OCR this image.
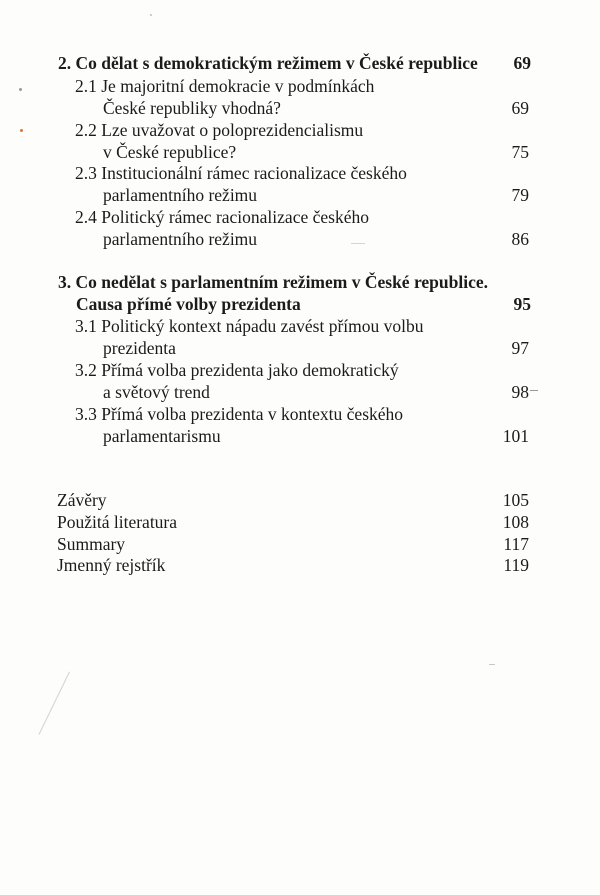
2. Co dělat s demokratickým režimem v České republice 69
2.1 Je majoritní demokracie v podmínkách
České republiky vhodná?	69
2.2 Lze uvažovat o poloprezidencialismu
v České republice?	75
2.3 Institucionální rámec racionalizace českého
parlamentního režimu	79
2.4 Politický rámec racionalizace českého
parlamentního režimu	86
3. Co nedělat s parlamentním režimem v České republice.
Causa přímé volby prezidenta	95
3.1 Politický kontext nápadu zavést přímou volbu
prezidenta	97
3.2 Přímá volba prezidenta jako demokratický
a světový trend	98
3.3 Přímá volba prezidenta v kontextu českého
parlamentarismu	101
Závěry	105
Použitá literatura	108
Summary	117
Jmenný rejstřík	119
